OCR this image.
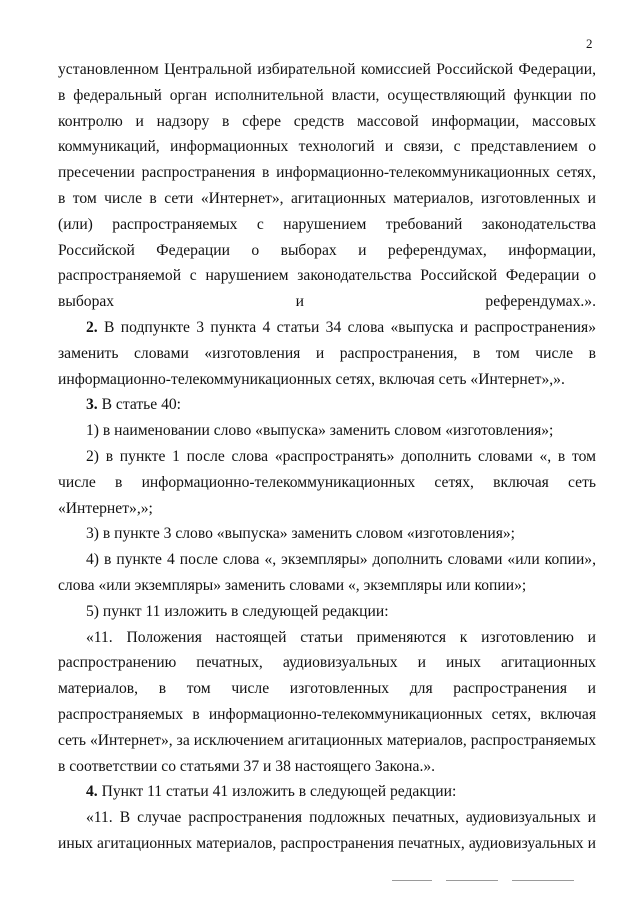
2

установленном Центральной избирательной комиссией Российской Федерации, в федеральный орган исполнительной власти, осуществляющий функции по контролю и надзору в сфере средств массовой информации, массовых коммуникаций, информационных технологий и связи, с представлением о пресечении распространения в информационно-телекоммуникационных сетях, в том числе в сети «Интернет», агитационных материалов, изготовленных и (или) распространяемых с нарушением требований законодательства Российской Федерации о выборах и референдумах, информации, распространяемой с нарушением законодательства Российской Федерации о выборах и референдумах.».

2. В подпункте 3 пункта 4 статьи 34 слова «выпуска и распространения» заменить словами «изготовления и распространения, в том числе в информационно-телекоммуникационных сетях, включая сеть «Интернет»,».

3. В статье 40:

1) в наименовании слово «выпуска» заменить словом «изготовления»;

2) в пункте 1 после слова «распространять» дополнить словами «, в том числе в информационно-телекоммуникационных сетях, включая сеть «Интернет»,»;

3) в пункте 3 слово «выпуска» заменить словом «изготовления»;

4) в пункте 4 после слова «, экземпляры» дополнить словами «или копии», слова «или экземпляры» заменить словами «, экземпляры или копии»;

5) пункт 11 изложить в следующей редакции:

«11. Положения настоящей статьи применяются к изготовлению и распространению печатных, аудиовизуальных и иных агитационных материалов, в том числе изготовленных для распространения и распространяемых в информационно-телекоммуникационных сетях, включая сеть «Интернет», за исключением агитационных материалов, распространяемых в соответствии со статьями 37 и 38 настоящего Закона.».

4. Пункт 11 статьи 41 изложить в следующей редакции:

«11. В случае распространения подложных печатных, аудиовизуальных и иных агитационных материалов, распространения печатных, аудиовизуальных и
